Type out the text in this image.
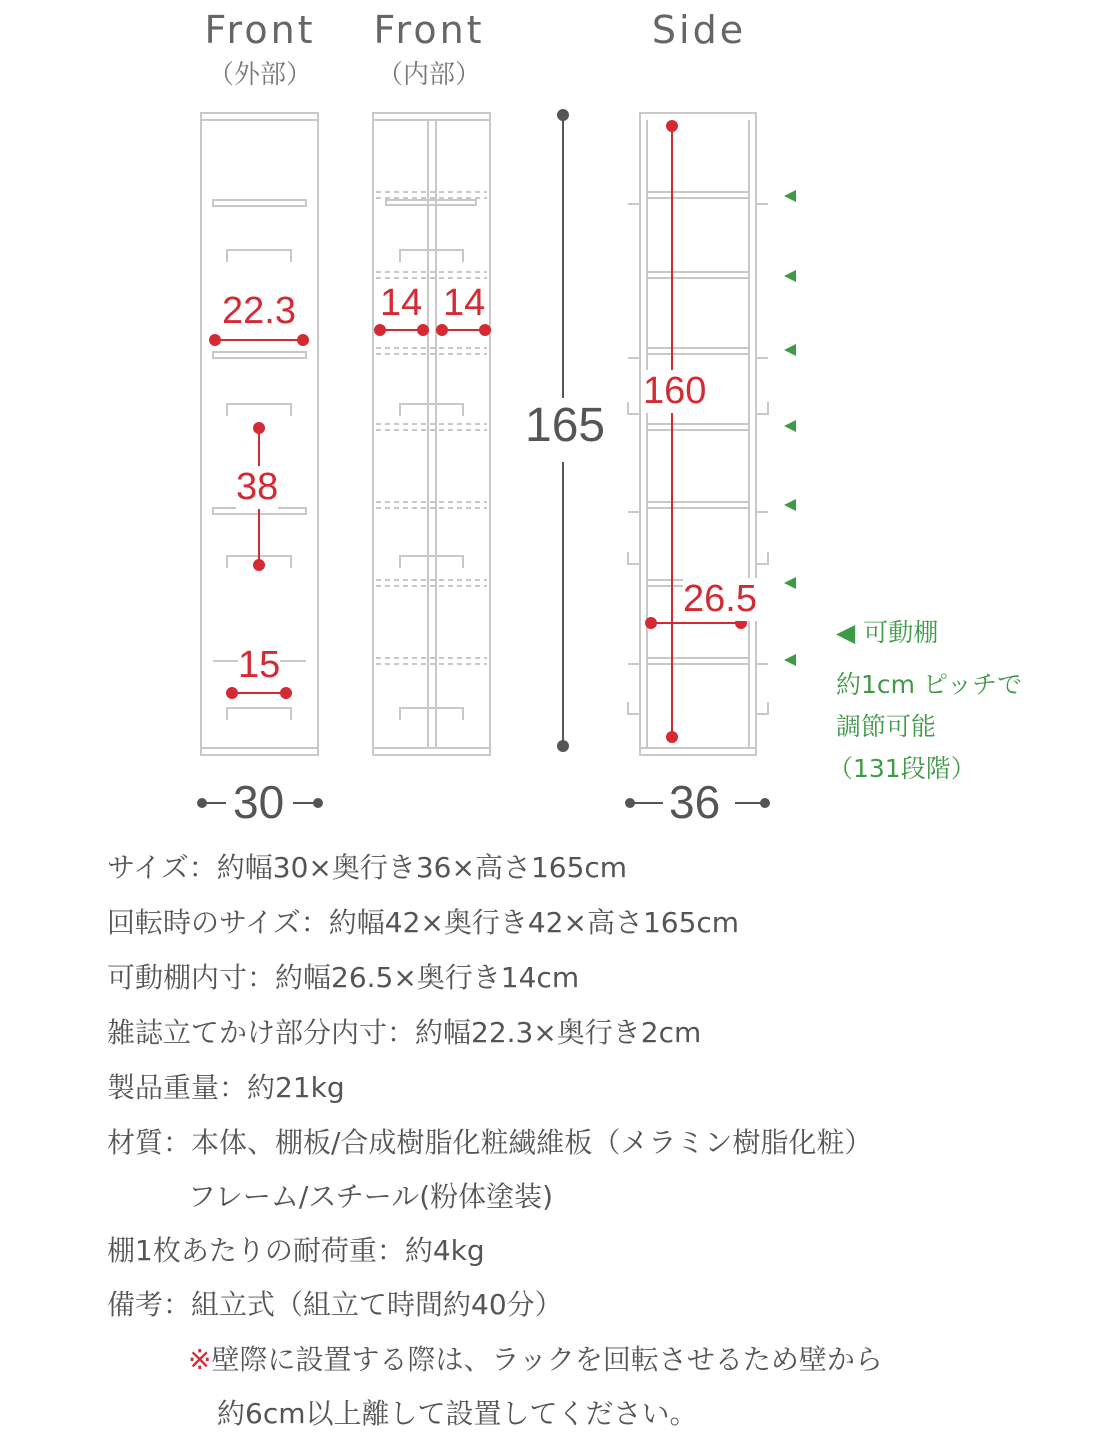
Front
（外部）
Front
（内部）
Side
22.3
38
15
14 14
160
26.5
165
30	36
◀ 可動棚
約1cm ピッチで
調節可能
（131段階）
サイズ：約幅30×奥行き36×高さ165cm
回転時のサイズ：約幅42×奥行き42×高さ165cm
可動棚内寸：約幅26.5×奥行き14cm
雑誌立てかけ部分内寸：約幅22.3×奥行き2cm
製品重量：約21kg
材質：本体、棚板/合成樹脂化粧繊維板（メラミン樹脂化粧）
フレーム/スチール(粉体塗装)
棚1枚あたりの耐荷重：約4kg
備考：組立式（組立て時間約40分）
※壁際に設置する際は、ラックを回転させるため壁から
約6cm以上離して設置してください。
